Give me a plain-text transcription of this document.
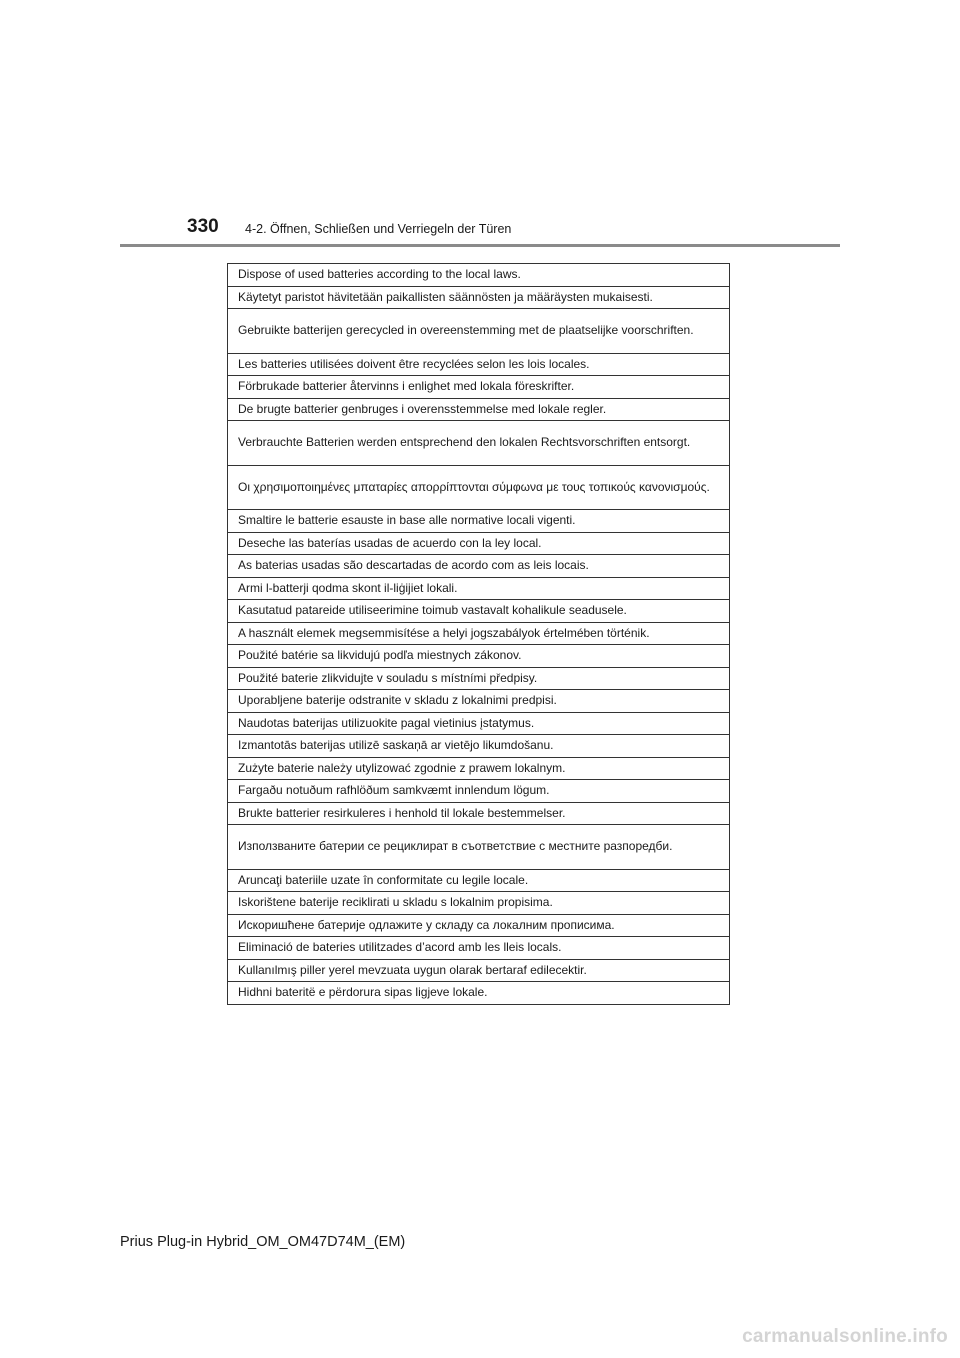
330 4-2. Öffnen, Schließen und Verriegeln der Türen
Dispose of used batteries according to the local laws.
Käytetyt paristot hävitetään paikallisten säännösten ja määräysten mukaisesti.
Gebruikte batterijen gerecycled in overeenstemming met de plaatselijke voorschriften.
Les batteries utilisées doivent être recyclées selon les lois locales.
Förbrukade batterier återvinns i enlighet med lokala föreskrifter.
De brugte batterier genbruges i overensstemmelse med lokale regler.
Verbrauchte Batterien werden entsprechend den lokalen Rechtsvorschriften entsorgt.
Οι χρησιμοποιημένες μπαταρίες απορρίπτονται σύμφωνα με τους τοπικούς κανονισμούς.
Smaltire le batterie esauste in base alle normative locali vigenti.
Deseche las baterías usadas de acuerdo con la ley local.
As baterias usadas são descartadas de acordo com as leis locais.
Armi l-batterji qodma skont il-liġijiet lokali.
Kasutatud patareide utiliseerimine toimub vastavalt kohalikule seadusele.
A használt elemek megsemmisítése a helyi jogszabályok értelmében történik.
Použité batérie sa likvidujú podľa miestnych zákonov.
Použité baterie zlikvidujte v souladu s místními předpisy.
Uporabljene baterije odstranite v skladu z lokalnimi predpisi.
Naudotas baterijas utilizuokite pagal vietinius įstatymus.
Izmantotās baterijas utilizē saskaņā ar vietējo likumdošanu.
Zużyte baterie należy utylizować zgodnie z prawem lokalnym.
Fargaðu notuðum rafhlöðum samkvæmt innlendum lögum.
Brukte batterier resirkuleres i henhold til lokale bestemmelser.
Използваните батерии се рециклират в съответствие с местните разпоредби.
Aruncaţi bateriile uzate în conformitate cu legile locale.
Iskorištene baterije reciklirati u skladu s lokalnim propisima.
Искоришћене батерије одлажите у складу са локалним прописима.
Eliminació de bateries utilitzades d’acord amb les lleis locals.
Kullanılmış piller yerel mevzuata uygun olarak bertaraf edilecektir.
Hidhni bateritë e përdorura sipas ligjeve lokale.
Prius Plug-in Hybrid_OM_OM47D74M_(EM)
carmanualsonline.info
